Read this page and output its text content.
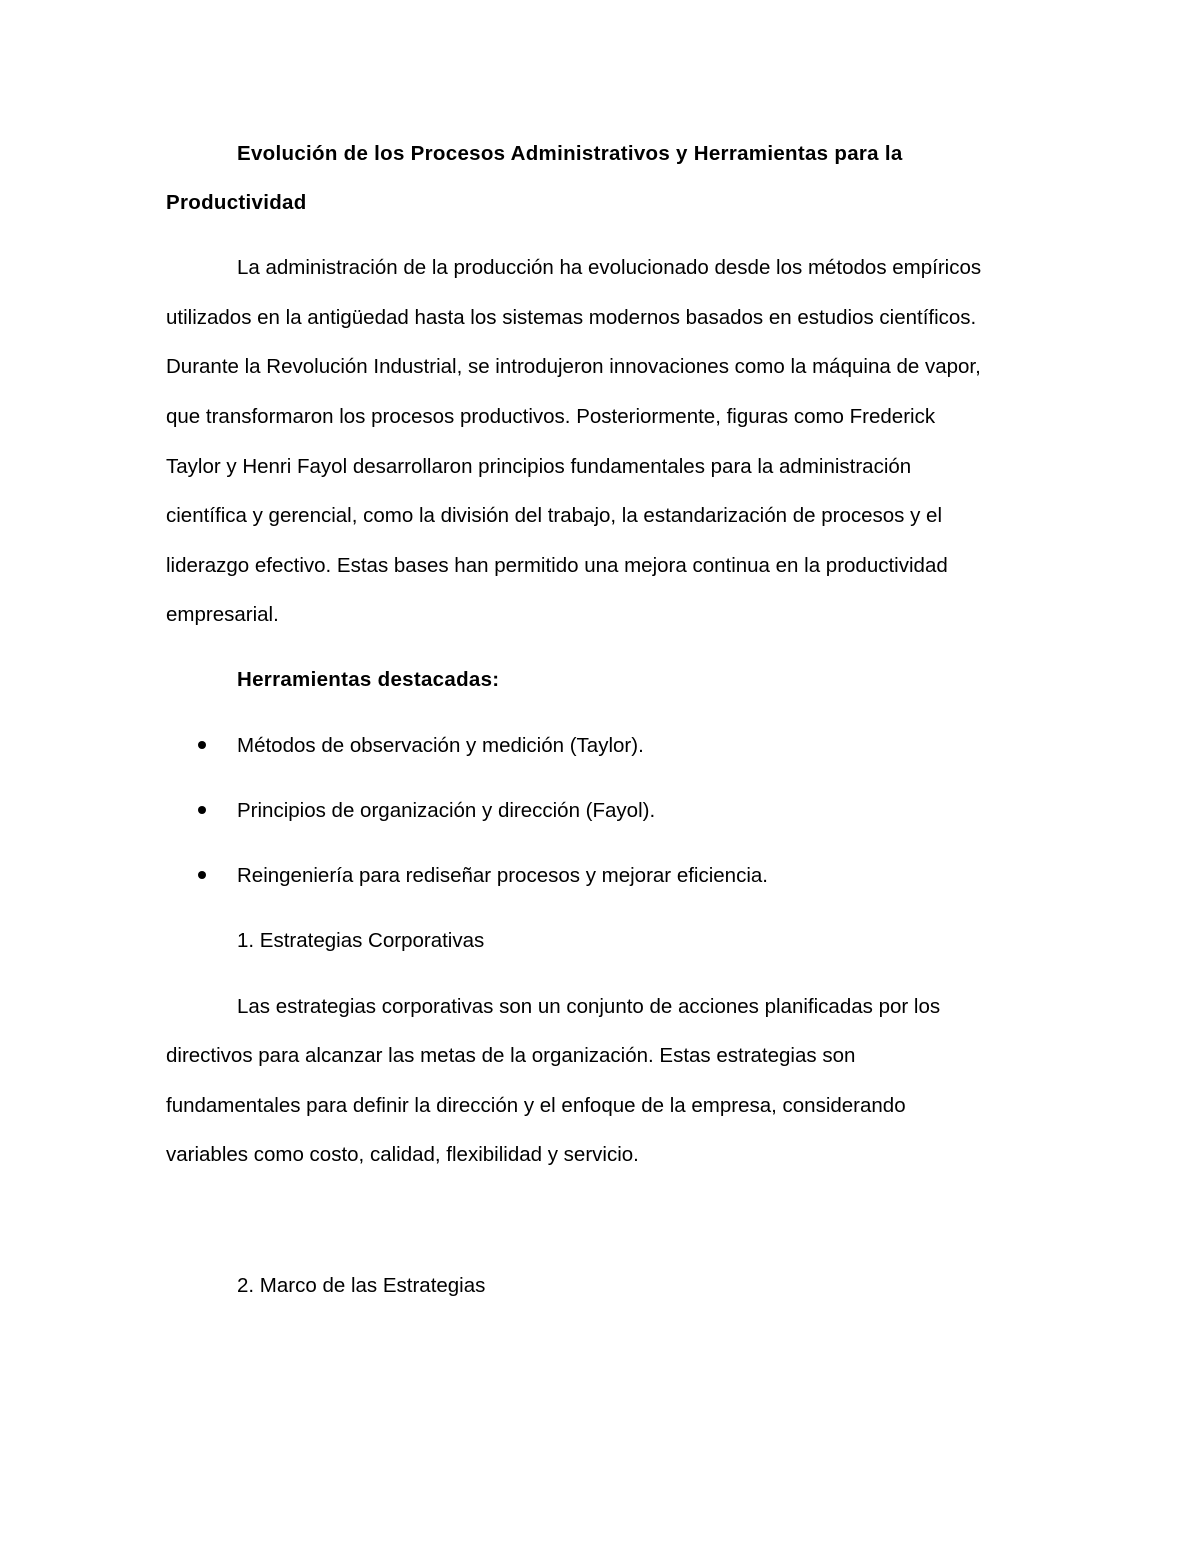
Evolución de los Procesos Administrativos y Herramientas para la
Productividad
La administración de la producción ha evolucionado desde los métodos empíricos
utilizados en la antigüedad hasta los sistemas modernos basados en estudios científicos.
Durante la Revolución Industrial, se introdujeron innovaciones como la máquina de vapor,
que transformaron los procesos productivos. Posteriormente, figuras como Frederick
Taylor y Henri Fayol desarrollaron principios fundamentales para la administración
científica y gerencial, como la división del trabajo, la estandarización de procesos y el
liderazgo efectivo. Estas bases han permitido una mejora continua en la productividad
empresarial.
Herramientas destacadas:
Métodos de observación y medición (Taylor).
Principios de organización y dirección (Fayol).
Reingeniería para rediseñar procesos y mejorar eficiencia.
1. Estrategias Corporativas
Las estrategias corporativas son un conjunto de acciones planificadas por los
directivos para alcanzar las metas de la organización. Estas estrategias son
fundamentales para definir la dirección y el enfoque de la empresa, considerando
variables como costo, calidad, flexibilidad y servicio.
2. Marco de las Estrategias
